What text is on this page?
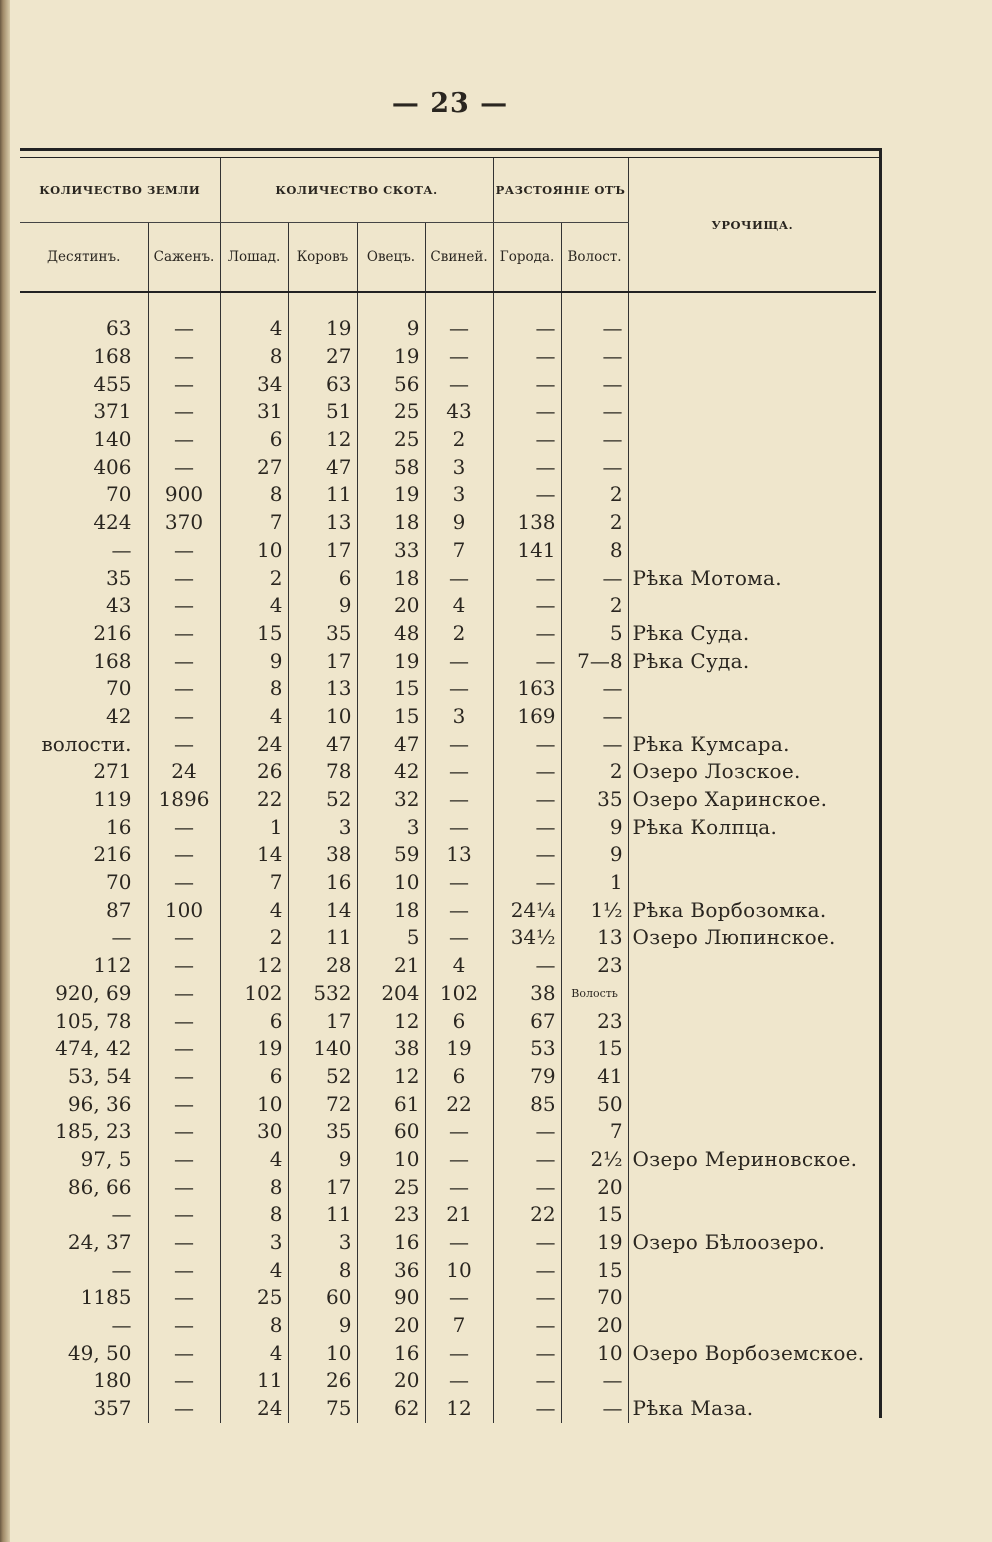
— 23 —
КОЛИЧЕСТВО ЗЕМЛИ		КОЛИЧЕСТВО СКОТА.				РАЗСТОЯНІЕ ОТЪ		УРОЧИЩА.
Десятинъ.	Саженъ.	Лошад.	Коровъ	Овецъ.	Свиней.	Города.	Волост.	

63	—	4	19	9	—	—	—	
168	—	8	27	19	—	—	—	
455	—	34	63	56	—	—	—	
371	—	31	51	25	43	—	—	
140	—	6	12	25	2	—	—	
406	—	27	47	58	3	—	—	
70	900	8	11	19	3	—	2	
424	370	7	13	18	9	138	2	
—	—	10	17	33	7	141	8	
35	—	2	6	18	—	—	—	Рѣка Мотома.
43	—	4	9	20	4	—	2	
216	—	15	35	48	2	—	5	Рѣка Суда.
168	—	9	17	19	—	—	7—8	Рѣка Суда.
70	—	8	13	15	—	163	—	
42	—	4	10	15	3	169	—	
волости.	—	24	47	47	—	—	—	Рѣка Кумсара.
271	24	26	78	42	—	—	2	Озеро Лозское.
119	1896	22	52	32	—	—	35	Озеро Харинское.
16	—	1	3	3	—	—	9	Рѣка Колпца.
216	—	14	38	59	13	—	9	
70	—	7	16	10	—	—	1	
87	100	4	14	18	—	24¼	1½	Рѣка Ворбозомка.
—	—	2	11	5	—	34½	13	Озеро Люпинское.
112	—	12	28	21	4	—	23	
920, 69	—	102	532	204	102	38	Волость	
105, 78	—	6	17	12	6	67	23	
474, 42	—	19	140	38	19	53	15	
53, 54	—	6	52	12	6	79	41	
96, 36	—	10	72	61	22	85	50	
185, 23	—	30	35	60	—	—	7	
97, 5	—	4	9	10	—	—	2½	Озеро Мериновское.
86, 66	—	8	17	25	—	—	20	
—	—	8	11	23	21	22	15	
24, 37	—	3	3	16	—	—	19	Озеро Бѣлоозеро.
—	—	4	8	36	10	—	15	
1185	—	25	60	90	—	—	70	
—	—	8	9	20	7	—	20	
49, 50	—	4	10	16	—	—	10	Озеро Ворбоземское.
180	—	11	26	20	—	—	—	
357	—	24	75	62	12	—	—	Рѣка Маза.
